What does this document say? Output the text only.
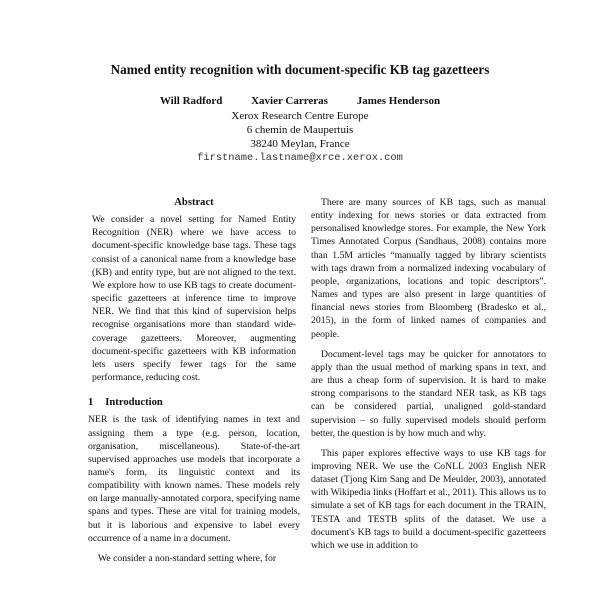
Named entity recognition with document-specific KB tag gazetteers
Will Radford	Xavier Carreras	James Henderson
Xerox Research Centre Europe
6 chemin de Maupertuis
38240 Meylan, France
firstname.lastname@xrce.xerox.com
Abstract

We consider a novel setting for Named Entity Recognition (NER) where we have access to document-specific knowledge base tags. These tags consist of a canonical name from a knowledge base (KB) and entity type, but are not aligned to the text. We explore how to use KB tags to create document-specific gazetteers at inference time to improve NER. We find that this kind of supervision helps recognise organisations more than standard wide-coverage gazetteers. Moreover, augmenting document-specific gazetteers with KB information lets users specify fewer tags for the same performance, reducing cost.

1 Introduction

NER is the task of identifying names in text and assigning them a type (e.g. person, location, organisation, miscellaneous). State-of-the-art supervised approaches use models that incorporate a name's form, its linguistic context and its compatibility with known names. These models rely on large manually-annotated corpora, specifying name spans and types. These are vital for training models, but it is laborious and expensive to label every occurrence of a name in a document.

We consider a non-standard setting where, for

There are many sources of KB tags, such as manual entity indexing for news stories or data extracted from personalised knowledge stores. For example, the New York Times Annotated Corpus (Sandhaus, 2008) contains more than 1.5M articles “manually tagged by library scientists with tags drawn from a normalized indexing vocabulary of people, organizations, locations and topic descriptors”. Names and types are also present in large quantities of financial news stories from Bloomberg (Bradesko et al., 2015), in the form of linked names of companies and people.

Document-level tags may be quicker for annotators to apply than the usual method of marking spans in text, and are thus a cheap form of supervision. It is hard to make strong comparisons to the standard NER task, as KB tags can be considered partial, unaligned gold-standard supervision – so fully supervised models should perform better, the question is by how much and why.

This paper explores effective ways to use KB tags for improving NER. We use the CoNLL 2003 English NER dataset (Tjong Kim Sang and De Meulder, 2003), annotated with Wikipedia links (Hoffart et al., 2011). This allows us to simulate a set of KB tags for each document in the TRAIN, TESTA and TESTB splits of the dataset. We use a document's KB tags to build a document-specific gazetteers which we use in addition to
